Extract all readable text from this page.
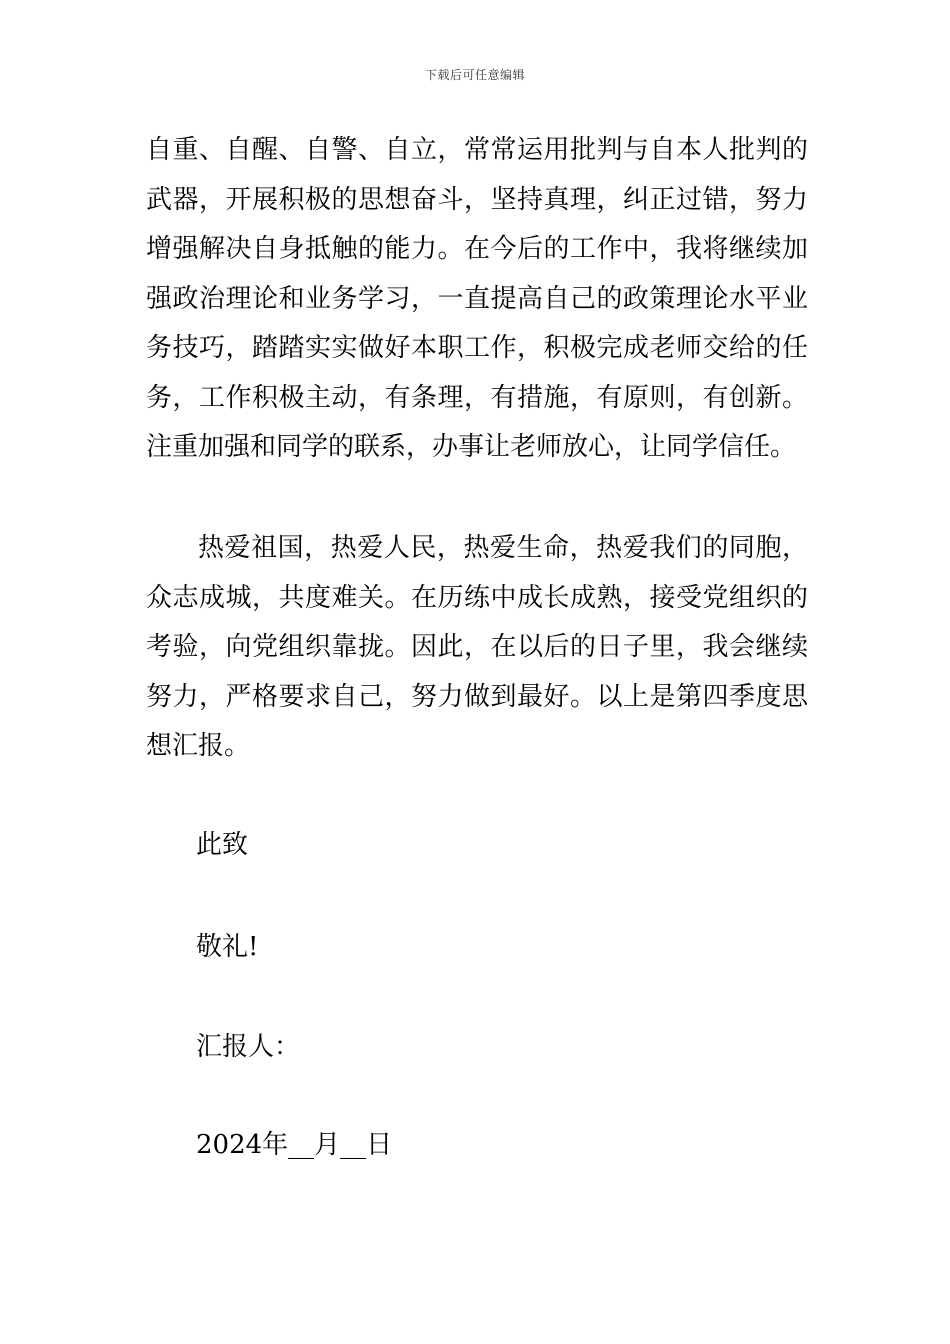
下载后可任意编辑

自重、自醒、自警、自立，常常运用批判与自本人批判的武器，开展积极的思想奋斗，坚持真理，纠正过错，努力增强解决自身抵触的能力。在今后的工作中，我将继续加强政治理论和业务学习，一直提高自己的政策理论水平业务技巧，踏踏实实做好本职工作，积极完成老师交给的任务，工作积极主动，有条理，有措施，有原则，有创新。注重加强和同学的联系，办事让老师放心，让同学信任。

热爱祖国，热爱人民，热爱生命，热爱我们的同胞，众志成城，共度难关。在历练中成长成熟，接受党组织的考验，向党组织靠拢。因此，在以后的日子里，我会继续努力，严格要求自己，努力做到最好。以上是第四季度思想汇报。

此致

敬礼!

汇报人：

2024年__月__日
